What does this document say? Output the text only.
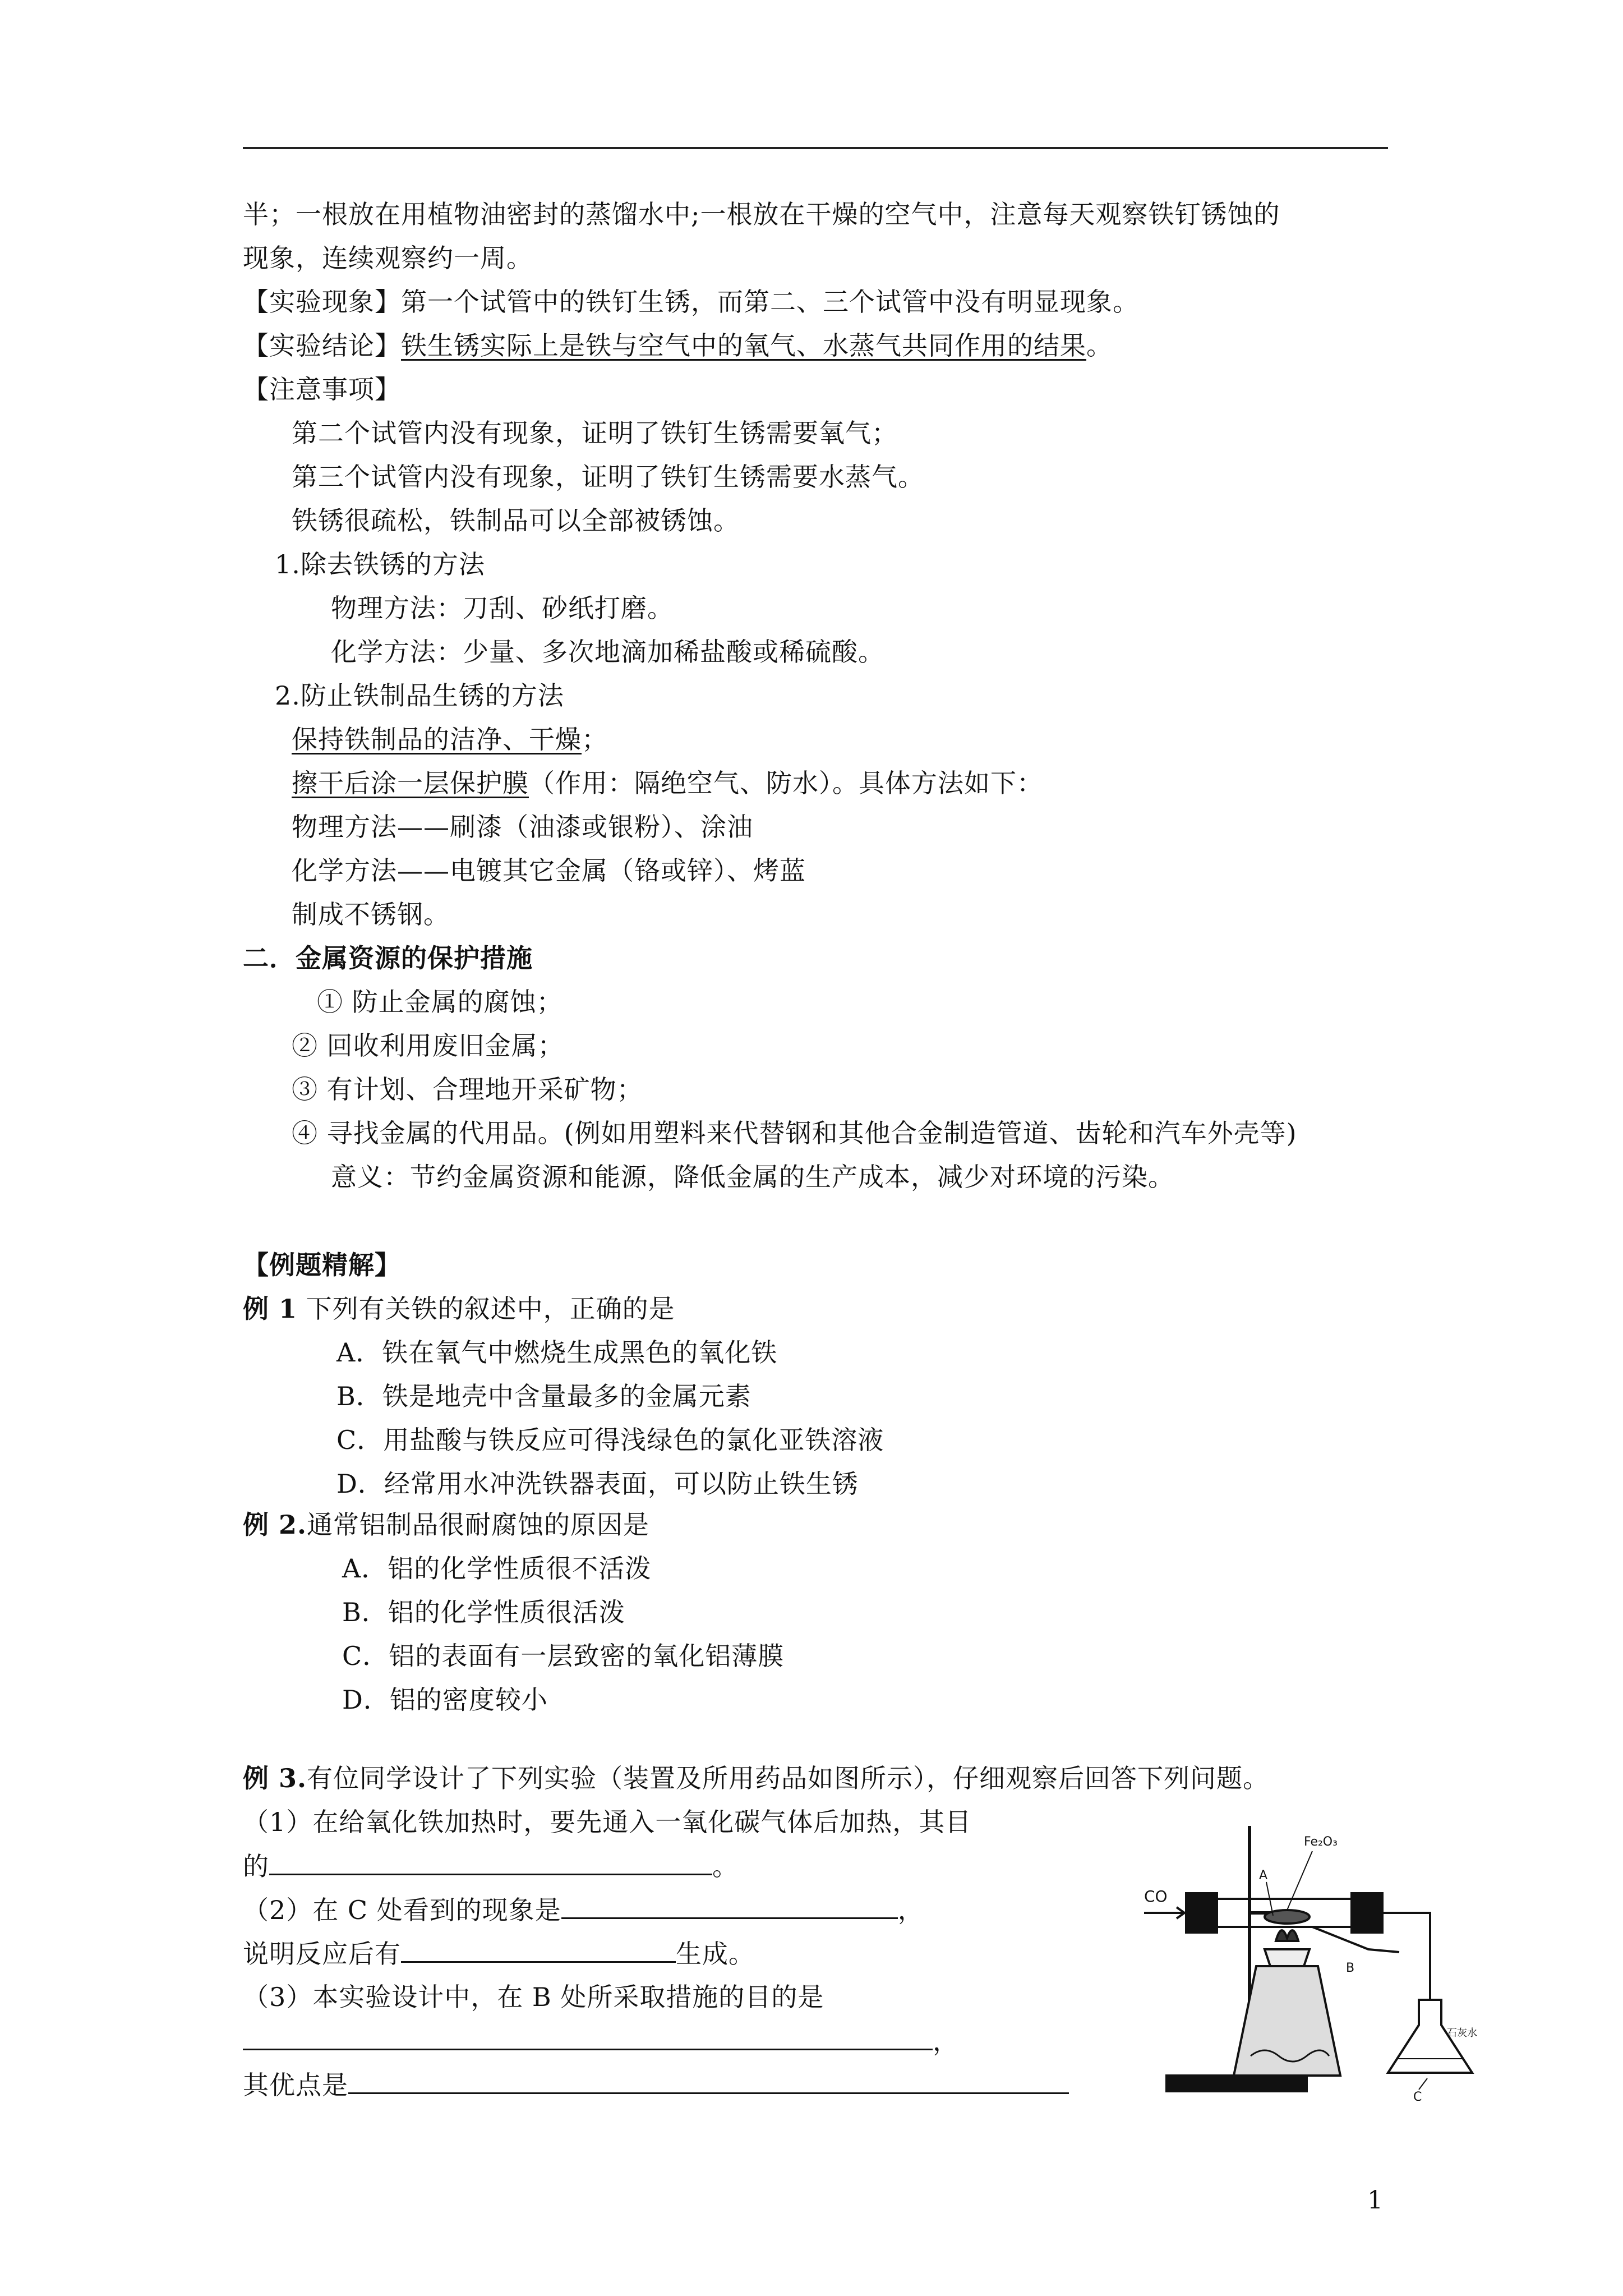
半；一根放在用植物油密封的蒸馏水中;一根放在干燥的空气中，注意每天观察铁钉锈蚀的
现象，连续观察约一周。
【实验现象】第一个试管中的铁钉生锈，而第二、三个试管中没有明显现象。
【实验结论】铁生锈实际上是铁与空气中的氧气、水蒸气共同作用的结果。
【注意事项】
第二个试管内没有现象，证明了铁钉生锈需要氧气；
第三个试管内没有现象，证明了铁钉生锈需要水蒸气。
铁锈很疏松，铁制品可以全部被锈蚀。
1.除去铁锈的方法
物理方法：刀刮、砂纸打磨。
化学方法：少量、多次地滴加稀盐酸或稀硫酸。
2.防止铁制品生锈的方法
保持铁制品的洁净、干燥；
擦干后涂一层保护膜（作用：隔绝空气、防水）。具体方法如下：
物理方法——刷漆（油漆或银粉）、涂油
化学方法——电镀其它金属（铬或锌）、烤蓝
制成不锈钢。
二．金属资源的保护措施
① 防止金属的腐蚀；
② 回收利用废旧金属；
③ 有计划、合理地开采矿物；
④ 寻找金属的代用品。(例如用塑料来代替钢和其他合金制造管道、齿轮和汽车外壳等)
意义：节约金属资源和能源，降低金属的生产成本，减少对环境的污染。
【例题精解】
例 1 下列有关铁的叙述中，正确的是
A．铁在氧气中燃烧生成黑色的氧化铁
B．铁是地壳中含量最多的金属元素
C．用盐酸与铁反应可得浅绿色的氯化亚铁溶液
D．经常用水冲洗铁器表面，可以防止铁生锈
例 2.通常铝制品很耐腐蚀的原因是
A．铝的化学性质很不活泼
B．铝的化学性质很活泼
C．铝的表面有一层致密的氧化铝薄膜
D．铝的密度较小
例 3.有位同学设计了下列实验（装置及所用药品如图所示），仔细观察后回答下列问题。
（1）在给氧化铁加热时，要先通入一氧化碳气体后加热，其目
的	。
（2）在 C 处看到的现象是	，
说明反应后有	生成。
（3）本实验设计中，在 B 处所采取措施的目的是
，
其优点是
CO
Fe₂O₃
A
B
C
石灰水
1
